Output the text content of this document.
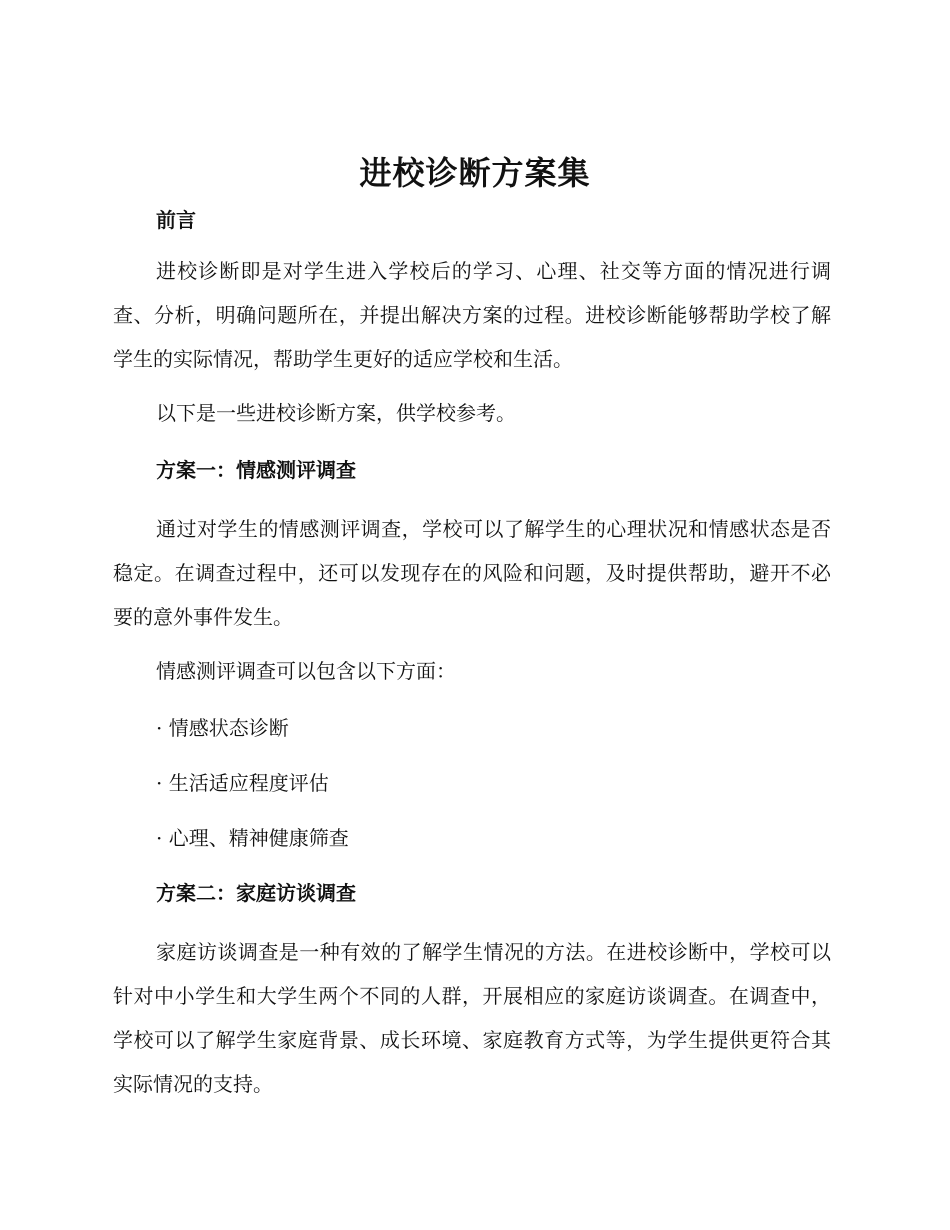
进校诊断方案集

前言

进校诊断即是对学生进入学校后的学习、心理、社交等方面的情况进行调查、分析，明确问题所在，并提出解决方案的过程。进校诊断能够帮助学校了解学生的实际情况，帮助学生更好的适应学校和生活。

以下是一些进校诊断方案，供学校参考。

方案一：情感测评调查

通过对学生的情感测评调查，学校可以了解学生的心理状况和情感状态是否稳定。在调查过程中，还可以发现存在的风险和问题，及时提供帮助，避开不必要的意外事件发生。

情感测评调查可以包含以下方面：

· 情感状态诊断

· 生活适应程度评估

· 心理、精神健康筛查

方案二：家庭访谈调查

家庭访谈调查是一种有效的了解学生情况的方法。在进校诊断中，学校可以针对中小学生和大学生两个不同的人群，开展相应的家庭访谈调查。在调查中，学校可以了解学生家庭背景、成长环境、家庭教育方式等，为学生提供更符合其实际情况的支持。
